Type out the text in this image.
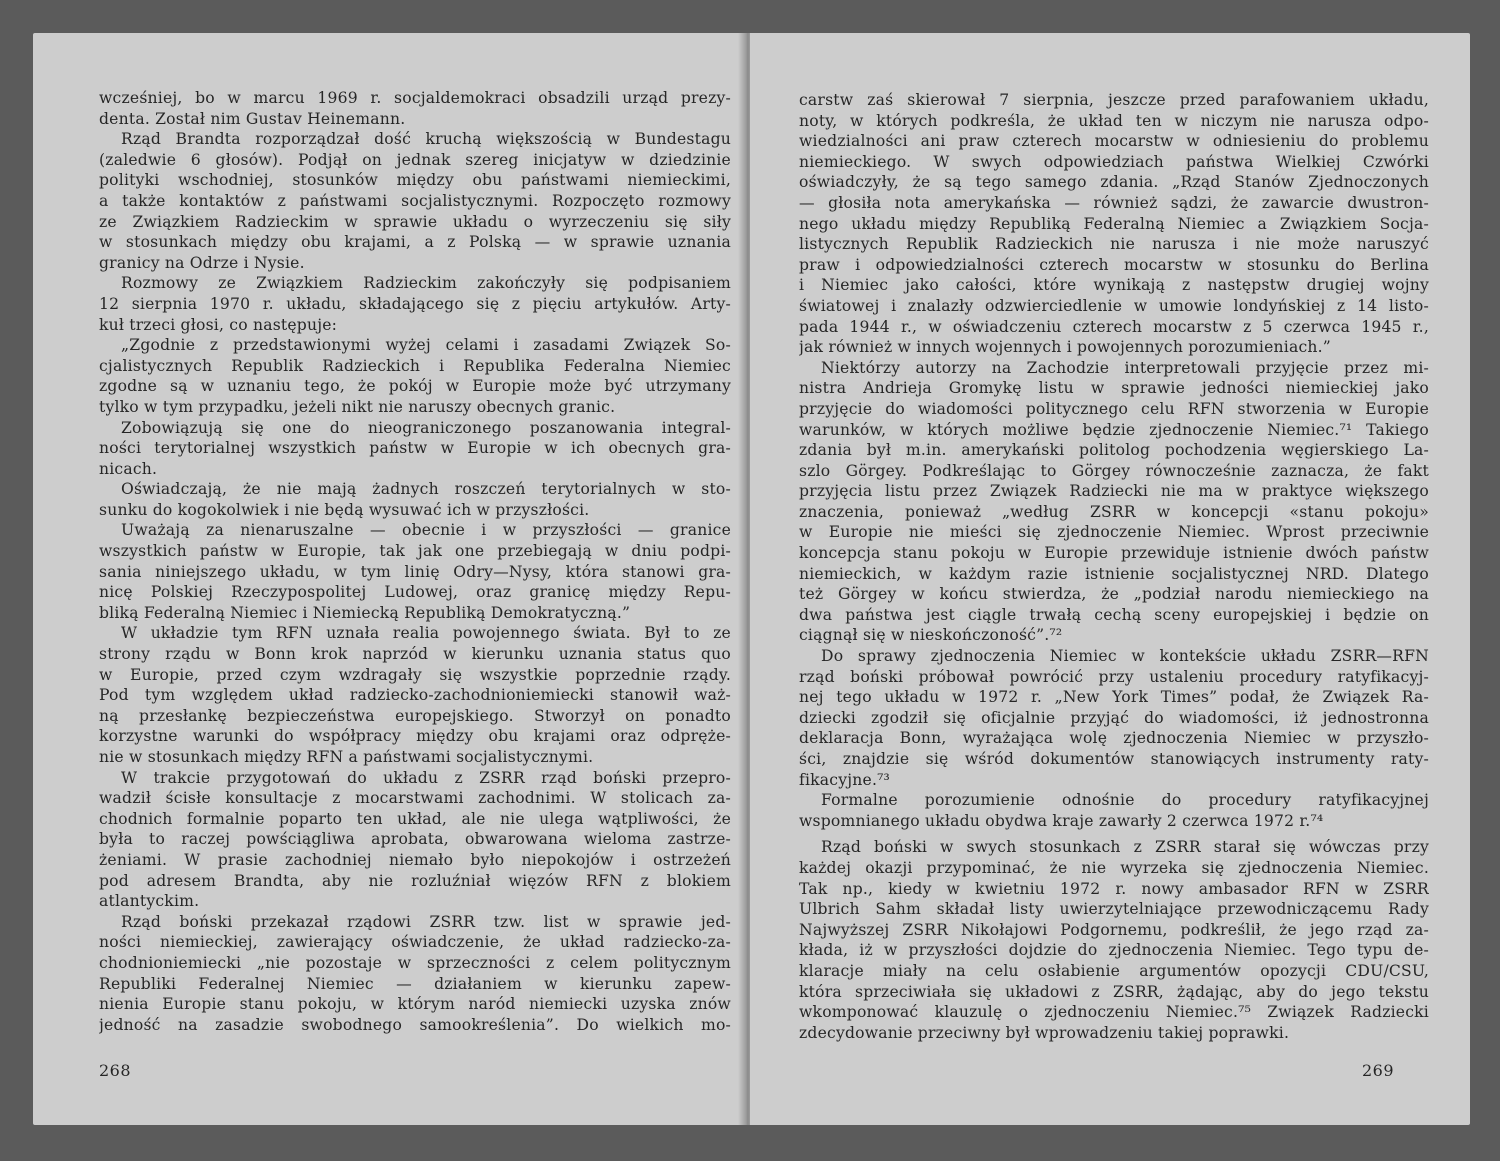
wcześniej, bo w marcu 1969 r. socjaldemokraci obsadzili urząd prezy-
denta. Został nim Gustav Heinemann.
Rząd Brandta rozporządzał dość kruchą większością w Bundestagu
(zaledwie 6 głosów). Podjął on jednak szereg inicjatyw w dziedzinie
polityki wschodniej, stosunków między obu państwami niemieckimi,
a także kontaktów z państwami socjalistycznymi. Rozpoczęto rozmowy
ze Związkiem Radzieckim w sprawie układu o wyrzeczeniu się siły
w stosunkach między obu krajami, a z Polską — w sprawie uznania
granicy na Odrze i Nysie.
Rozmowy ze Związkiem Radzieckim zakończyły się podpisaniem
12 sierpnia 1970 r. układu, składającego się z pięciu artykułów. Arty-
kuł trzeci głosi, co następuje:
„Zgodnie z przedstawionymi wyżej celami i zasadami Związek So-
cjalistycznych Republik Radzieckich i Republika Federalna Niemiec
zgodne są w uznaniu tego, że pokój w Europie może być utrzymany
tylko w tym przypadku, jeżeli nikt nie naruszy obecnych granic.
Zobowiązują się one do nieograniczonego poszanowania integral-
ności terytorialnej wszystkich państw w Europie w ich obecnych gra-
nicach.
Oświadczają, że nie mają żadnych roszczeń terytorialnych w sto-
sunku do kogokolwiek i nie będą wysuwać ich w przyszłości.
Uważają za nienaruszalne — obecnie i w przyszłości — granice
wszystkich państw w Europie, tak jak one przebiegają w dniu podpi-
sania niniejszego układu, w tym linię Odry—Nysy, która stanowi gra-
nicę Polskiej Rzeczypospolitej Ludowej, oraz granicę między Repu-
bliką Federalną Niemiec i Niemiecką Republiką Demokratyczną.”
W układzie tym RFN uznała realia powojennego świata. Był to ze
strony rządu w Bonn krok naprzód w kierunku uznania status quo
w Europie, przed czym wzdragały się wszystkie poprzednie rządy.
Pod tym względem układ radziecko-zachodnioniemiecki stanowił waż-
ną przesłankę bezpieczeństwa europejskiego. Stworzył on ponadto
korzystne warunki do współpracy między obu krajami oraz odpręże-
nie w stosunkach między RFN a państwami socjalistycznymi.
W trakcie przygotowań do układu z ZSRR rząd boński przepro-
wadził ścisłe konsultacje z mocarstwami zachodnimi. W stolicach za-
chodnich formalnie poparto ten układ, ale nie ulega wątpliwości, że
była to raczej powściągliwa aprobata, obwarowana wieloma zastrze-
żeniami. W prasie zachodniej niemało było niepokojów i ostrzeżeń
pod adresem Brandta, aby nie rozluźniał więzów RFN z blokiem
atlantyckim.
Rząd boński przekazał rządowi ZSRR tzw. list w sprawie jed-
ności niemieckiej, zawierający oświadczenie, że układ radziecko-za-
chodnioniemiecki „nie pozostaje w sprzeczności z celem politycznym
Republiki Federalnej Niemiec — działaniem w kierunku zapew-
nienia Europie stanu pokoju, w którym naród niemiecki uzyska znów
jedność na zasadzie swobodnego samookreślenia”. Do wielkich mo-
268
carstw zaś skierował 7 sierpnia, jeszcze przed parafowaniem układu,
noty, w których podkreśla, że układ ten w niczym nie narusza odpo-
wiedzialności ani praw czterech mocarstw w odniesieniu do problemu
niemieckiego. W swych odpowiedziach państwa Wielkiej Czwórki
oświadczyły, że są tego samego zdania. „Rząd Stanów Zjednoczonych
— głosiła nota amerykańska — również sądzi, że zawarcie dwustron-
nego układu między Republiką Federalną Niemiec a Związkiem Socja-
listycznych Republik Radzieckich nie narusza i nie może naruszyć
praw i odpowiedzialności czterech mocarstw w stosunku do Berlina
i Niemiec jako całości, które wynikają z następstw drugiej wojny
światowej i znalazły odzwierciedlenie w umowie londyńskiej z 14 listo-
pada 1944 r., w oświadczeniu czterech mocarstw z 5 czerwca 1945 r.,
jak również w innych wojennych i powojennych porozumieniach.”
Niektórzy autorzy na Zachodzie interpretowali przyjęcie przez mi-
nistra Andrieja Gromykę listu w sprawie jedności niemieckiej jako
przyjęcie do wiadomości politycznego celu RFN stworzenia w Europie
warunków, w których możliwe będzie zjednoczenie Niemiec.⁷¹ Takiego
zdania był m.in. amerykański politolog pochodzenia węgierskiego La-
szlo Görgey. Podkreślając to Görgey równocześnie zaznacza, że fakt
przyjęcia listu przez Związek Radziecki nie ma w praktyce większego
znaczenia, ponieważ „według ZSRR w koncepcji «stanu pokoju»
w Europie nie mieści się zjednoczenie Niemiec. Wprost przeciwnie
koncepcja stanu pokoju w Europie przewiduje istnienie dwóch państw
niemieckich, w każdym razie istnienie socjalistycznej NRD. Dlatego
też Görgey w końcu stwierdza, że „podział narodu niemieckiego na
dwa państwa jest ciągle trwałą cechą sceny europejskiej i będzie on
ciągnął się w nieskończoność”.⁷²
Do sprawy zjednoczenia Niemiec w kontekście układu ZSRR—RFN
rząd boński próbował powrócić przy ustaleniu procedury ratyfikacyj-
nej tego układu w 1972 r. „New York Times” podał, że Związek Ra-
dziecki zgodził się oficjalnie przyjąć do wiadomości, iż jednostronna
deklaracja Bonn, wyrażająca wolę zjednoczenia Niemiec w przyszło-
ści, znajdzie się wśród dokumentów stanowiących instrumenty raty-
fikacyjne.⁷³
Formalne porozumienie odnośnie do procedury ratyfikacyjnej
wspomnianego układu obydwa kraje zawarły 2 czerwca 1972 r.⁷⁴
Rząd boński w swych stosunkach z ZSRR starał się wówczas przy
każdej okazji przypominać, że nie wyrzeka się zjednoczenia Niemiec.
Tak np., kiedy w kwietniu 1972 r. nowy ambasador RFN w ZSRR
Ulbrich Sahm składał listy uwierzytelniające przewodniczącemu Rady
Najwyższej ZSRR Nikołajowi Podgornemu, podkreślił, że jego rząd za-
kłada, iż w przyszłości dojdzie do zjednoczenia Niemiec. Tego typu de-
klaracje miały na celu osłabienie argumentów opozycji CDU/CSU,
która sprzeciwiała się układowi z ZSRR, żądając, aby do jego tekstu
wkomponować klauzulę o zjednoczeniu Niemiec.⁷⁵ Związek Radziecki
zdecydowanie przeciwny był wprowadzeniu takiej poprawki.
269
